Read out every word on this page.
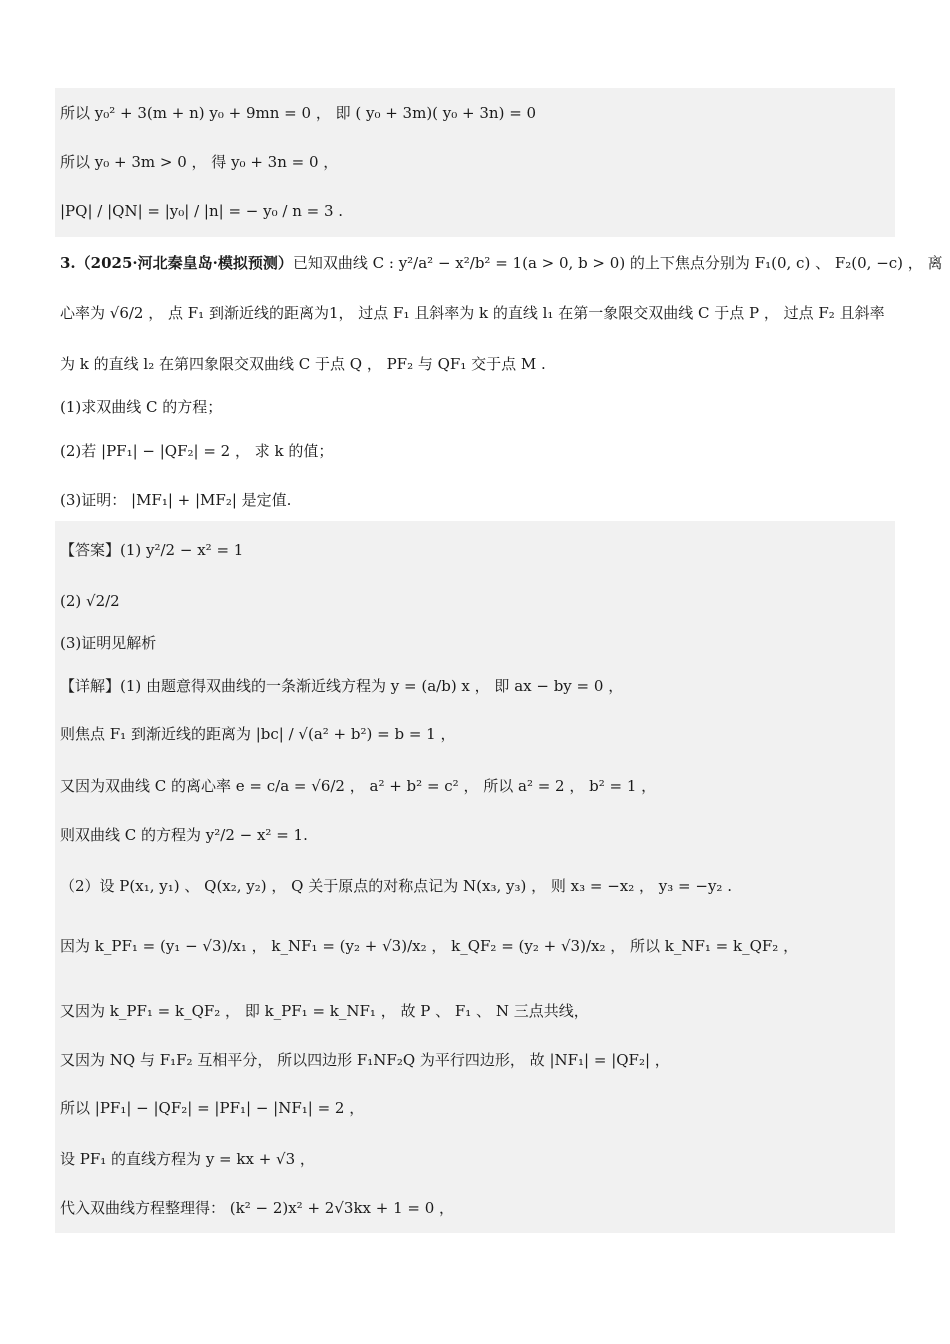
所以 y₀² + 3(m + n) y₀ + 9mn = 0 ， 即 ( y₀ + 3m)( y₀ + 3n) = 0
所以 y₀ + 3m > 0 ， 得 y₀ + 3n = 0 ，
|PQ| / |QN| = |y₀| / |n| = − y₀ / n = 3 .
3.（2025·河北秦皇岛·模拟预测）已知双曲线 C : y²/a² − x²/b² = 1(a > 0, b > 0) 的上下焦点分别为 F₁(0, c) 、 F₂(0, −c) ， 离
心率为 √6/2 ， 点 F₁ 到渐近线的距离为1， 过点 F₁ 且斜率为 k 的直线 l₁ 在第一象限交双曲线 C 于点 P ， 过点 F₂ 且斜率
为 k 的直线 l₂ 在第四象限交双曲线 C 于点 Q ， PF₂ 与 QF₁ 交于点 M .
(1)求双曲线 C 的方程；
(2)若 |PF₁| − |QF₂| = 2 ， 求 k 的值；
(3)证明： |MF₁| + |MF₂| 是定值.
【答案】(1) y²/2 − x² = 1
(2) √2/2
(3)证明见解析
【详解】(1) 由题意得双曲线的一条渐近线方程为 y = (a/b) x ， 即 ax − by = 0 ，
则焦点 F₁ 到渐近线的距离为 |bc| / √(a² + b²) = b = 1 ，
又因为双曲线 C 的离心率 e = c/a = √6/2 ， a² + b² = c² ， 所以 a² = 2 ， b² = 1 ，
则双曲线 C 的方程为 y²/2 − x² = 1.
（2）设 P(x₁, y₁) 、 Q(x₂, y₂) ， Q 关于原点的对称点记为 N(x₃, y₃) ， 则 x₃ = −x₂ ， y₃ = −y₂ .
因为 k_PF₁ = (y₁ − √3)/x₁ ， k_NF₁ = (y₂ + √3)/x₂ ， k_QF₂ = (y₂ + √3)/x₂ ， 所以 k_NF₁ = k_QF₂ ，
又因为 k_PF₁ = k_QF₂ ， 即 k_PF₁ = k_NF₁ ， 故 P 、 F₁ 、 N 三点共线，
又因为 NQ 与 F₁F₂ 互相平分， 所以四边形 F₁NF₂Q 为平行四边形， 故 |NF₁| = |QF₂| ，
所以 |PF₁| − |QF₂| = |PF₁| − |NF₁| = 2 ，
设 PF₁ 的直线方程为 y = kx + √3 ，
代入双曲线方程整理得： (k² − 2)x² + 2√3kx + 1 = 0 ，
